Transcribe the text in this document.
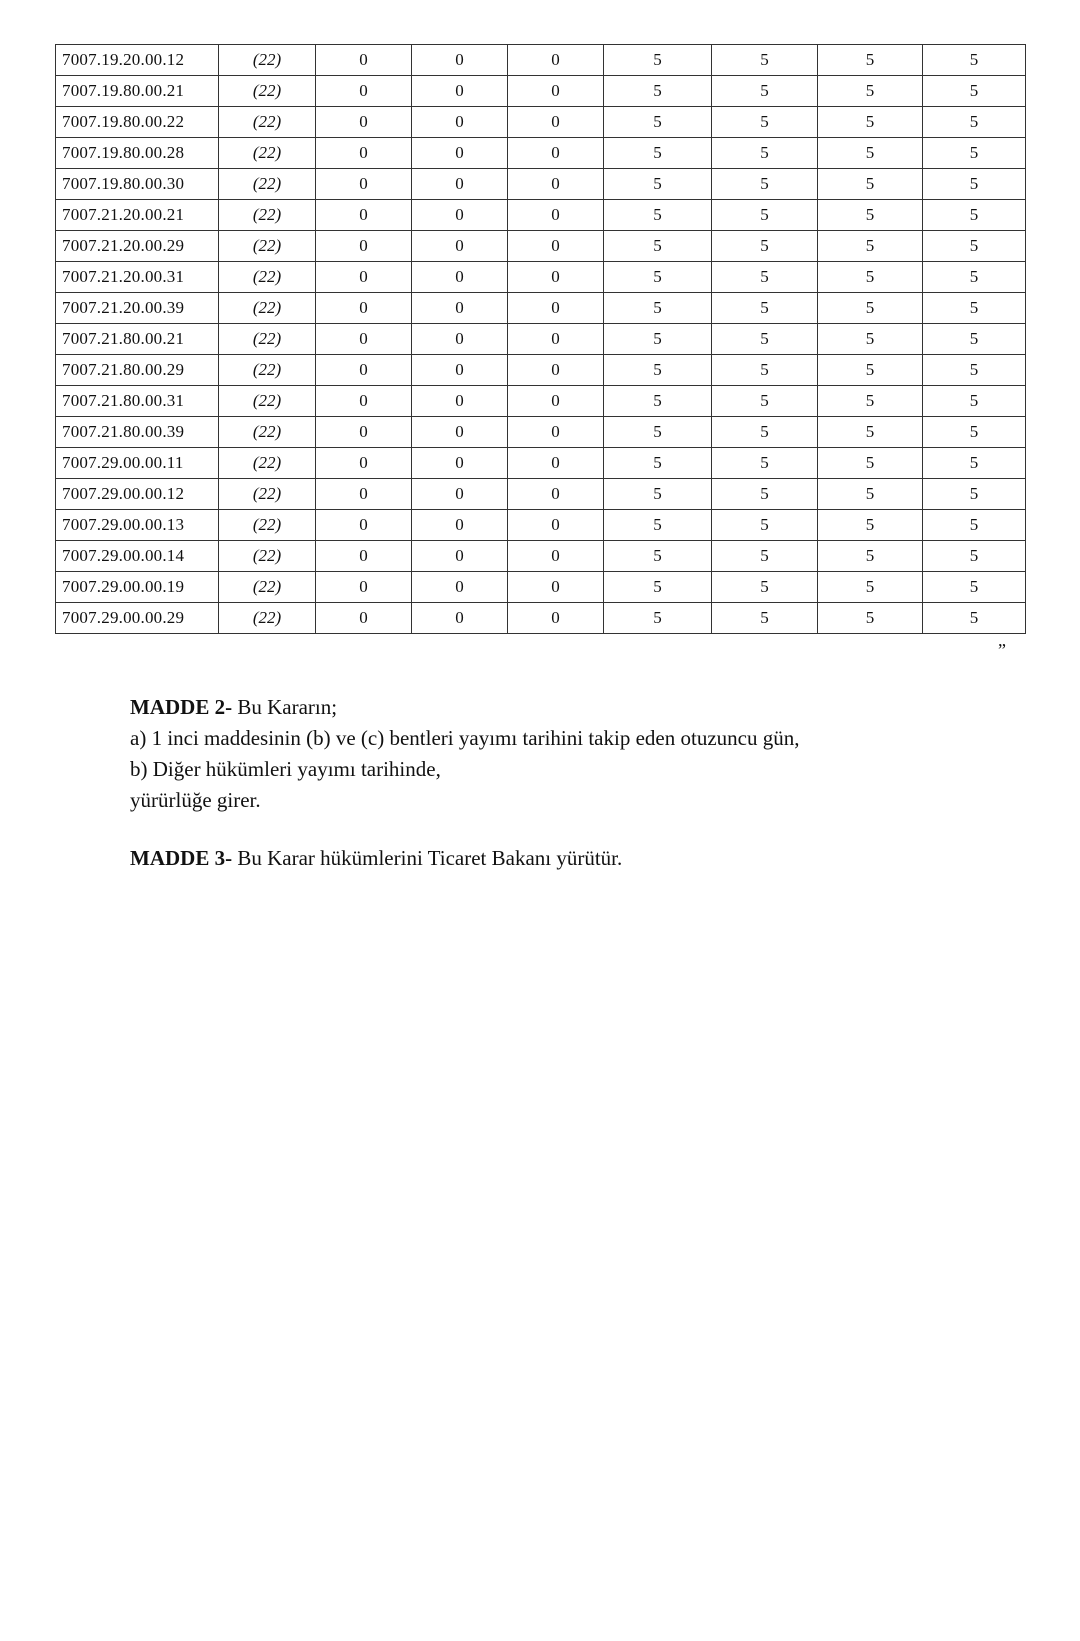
7007.19.20.00.12	(22)	0	0	0	5	5	5	5
7007.19.80.00.21	(22)	0	0	0	5	5	5	5
7007.19.80.00.22	(22)	0	0	0	5	5	5	5
7007.19.80.00.28	(22)	0	0	0	5	5	5	5
7007.19.80.00.30	(22)	0	0	0	5	5	5	5
7007.21.20.00.21	(22)	0	0	0	5	5	5	5
7007.21.20.00.29	(22)	0	0	0	5	5	5	5
7007.21.20.00.31	(22)	0	0	0	5	5	5	5
7007.21.20.00.39	(22)	0	0	0	5	5	5	5
7007.21.80.00.21	(22)	0	0	0	5	5	5	5
7007.21.80.00.29	(22)	0	0	0	5	5	5	5
7007.21.80.00.31	(22)	0	0	0	5	5	5	5
7007.21.80.00.39	(22)	0	0	0	5	5	5	5
7007.29.00.00.11	(22)	0	0	0	5	5	5	5
7007.29.00.00.12	(22)	0	0	0	5	5	5	5
7007.29.00.00.13	(22)	0	0	0	5	5	5	5
7007.29.00.00.14	(22)	0	0	0	5	5	5	5
7007.29.00.00.19	(22)	0	0	0	5	5	5	5
7007.29.00.00.29	(22)	0	0	0	5	5	5	5
”
MADDE 2- Bu Kararın;
a) 1 inci maddesinin (b) ve (c) bentleri yayımı tarihini takip eden otuzuncu gün,
b) Diğer hükümleri yayımı tarihinde,
yürürlüğe girer.
MADDE 3- Bu Karar hükümlerini Ticaret Bakanı yürütür.
